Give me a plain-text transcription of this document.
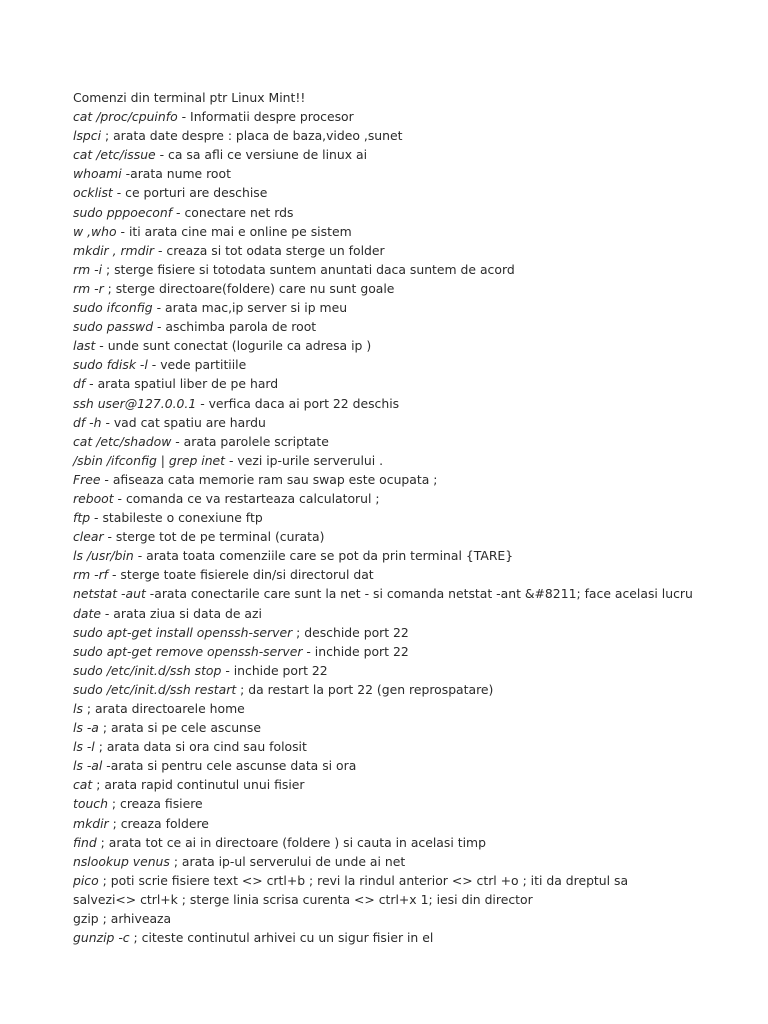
Comenzi din terminal ptr Linux Mint!!
cat /proc/cpuinfo - Informatii despre procesor
lspci ; arata date despre : placa de baza,video ,sunet
cat /etc/issue - ca sa afli ce versiune de linux ai
whoami -arata nume root
ocklist - ce porturi are deschise
sudo pppoeconf - conectare net rds
w ,who - iti arata cine mai e online pe sistem
mkdir , rmdir - creaza si tot odata sterge un folder
rm -i ; sterge fisiere si totodata suntem anuntati daca suntem de acord
rm -r ; sterge directoare(foldere) care nu sunt goale
sudo ifconfig - arata mac,ip server si ip meu
sudo passwd - aschimba parola de root
last - unde sunt conectat (logurile ca adresa ip )
sudo fdisk -l - vede partitiile
df - arata spatiul liber de pe hard
ssh user@127.0.0.1 - verfica daca ai port 22 deschis
df -h - vad cat spatiu are hardu
cat /etc/shadow - arata parolele scriptate
/sbin /ifconfig | grep inet - vezi ip-urile serverului .
Free - afiseaza cata memorie ram sau swap este ocupata ;
reboot - comanda ce va restarteaza calculatorul ;
ftp - stabileste o conexiune ftp
clear - sterge tot de pe terminal (curata)
ls /usr/bin - arata toata comenziile care se pot da prin terminal {TARE}
rm -rf - sterge toate fisierele din/si directorul dat
netstat -aut -arata conectarile care sunt la net - si comanda netstat -ant &#8211; face acelasi lucru
date - arata ziua si data de azi
sudo apt-get install openssh-server ; deschide port 22
sudo apt-get remove openssh-server - inchide port 22
sudo /etc/init.d/ssh stop - inchide port 22
sudo /etc/init.d/ssh restart ; da restart la port 22 (gen reprospatare)
ls ; arata directoarele home
ls -a ; arata si pe cele ascunse
ls -l ; arata data si ora cind sau folosit
ls -al -arata si pentru cele ascunse data si ora
cat ; arata rapid continutul unui fisier
touch ; creaza fisiere
mkdir ; creaza foldere
find ; arata tot ce ai in directoare (foldere ) si cauta in acelasi timp
nslookup venus ; arata ip-ul serverului de unde ai net
pico ; poti scrie fisiere text <> crtl+b ; revi la rindul anterior <> ctrl +o ; iti da dreptul sa
salvezi<> ctrl+k ; sterge linia scrisa curenta <> ctrl+x 1; iesi din director
gzip ; arhiveaza
gunzip -c ; citeste continutul arhivei cu un sigur fisier in el
